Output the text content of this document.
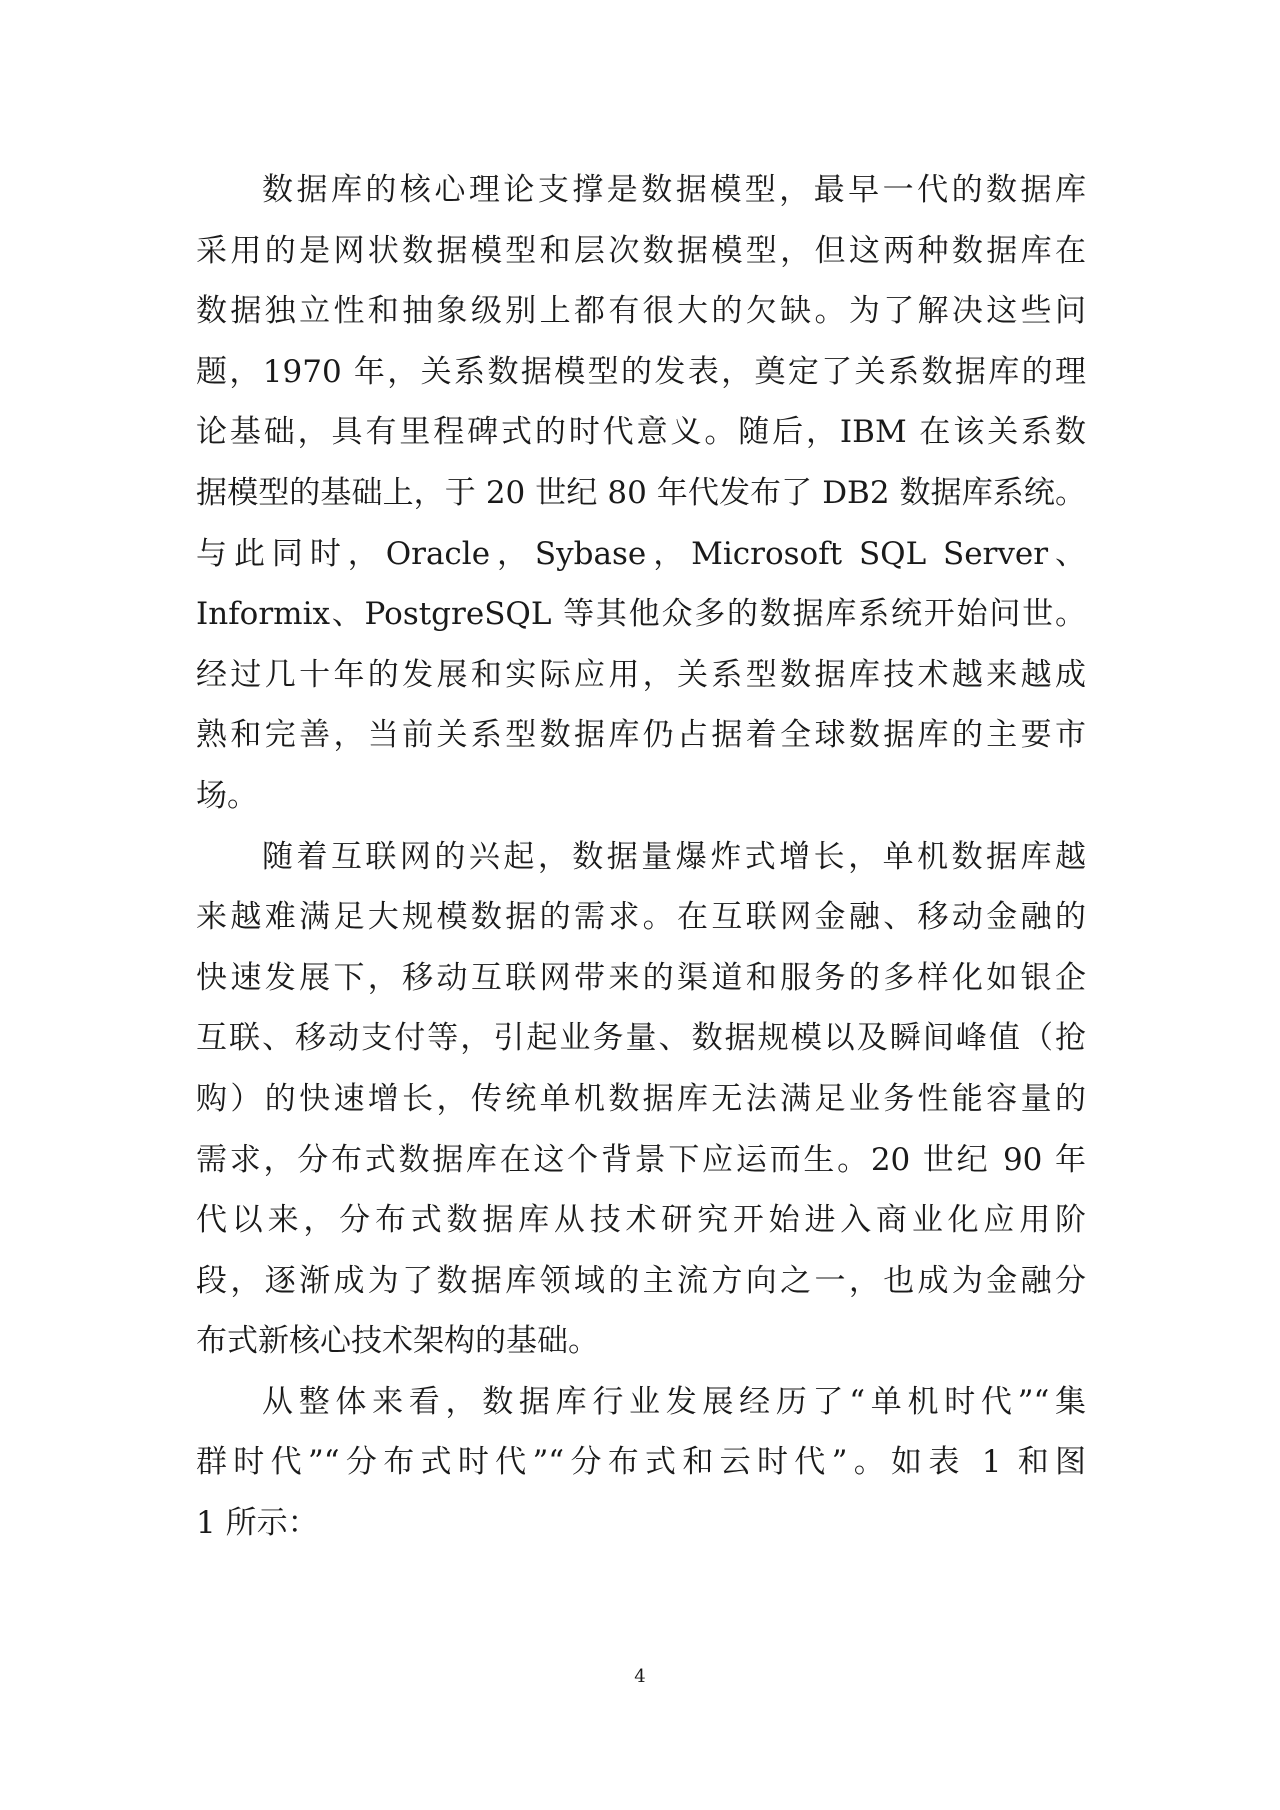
数据库的核心理论支撑是数据模型，最早一代的数据库
采用的是网状数据模型和层次数据模型，但这两种数据库在
数据独立性和抽象级别上都有很大的欠缺。为了解决这些问
题，1970 年，关系数据模型的发表，奠定了关系数据库的理
论基础，具有里程碑式的时代意义。随后，IBM 在该关系数
据模型的基础上，于 20 世纪 80 年代发布了 DB2 数据库系统。
与此同时，Oracle，Sybase，Microsoft SQL Server、
Informix、PostgreSQL 等其他众多的数据库系统开始问世。
经过几十年的发展和实际应用，关系型数据库技术越来越成
熟和完善，当前关系型数据库仍占据着全球数据库的主要市
场。
随着互联网的兴起，数据量爆炸式增长，单机数据库越
来越难满足大规模数据的需求。在互联网金融、移动金融的
快速发展下，移动互联网带来的渠道和服务的多样化如银企
互联、移动支付等，引起业务量、数据规模以及瞬间峰值（抢
购）的快速增长，传统单机数据库无法满足业务性能容量的
需求，分布式数据库在这个背景下应运而生。20 世纪 90 年
代以来，分布式数据库从技术研究开始进入商业化应用阶
段，逐渐成为了数据库领域的主流方向之一，也成为金融分
布式新核心技术架构的基础。
从整体来看，数据库行业发展经历了“单机时代”“集
群时代”“分布式时代”“分布式和云时代”。如表 1 和图
1 所示：
4
